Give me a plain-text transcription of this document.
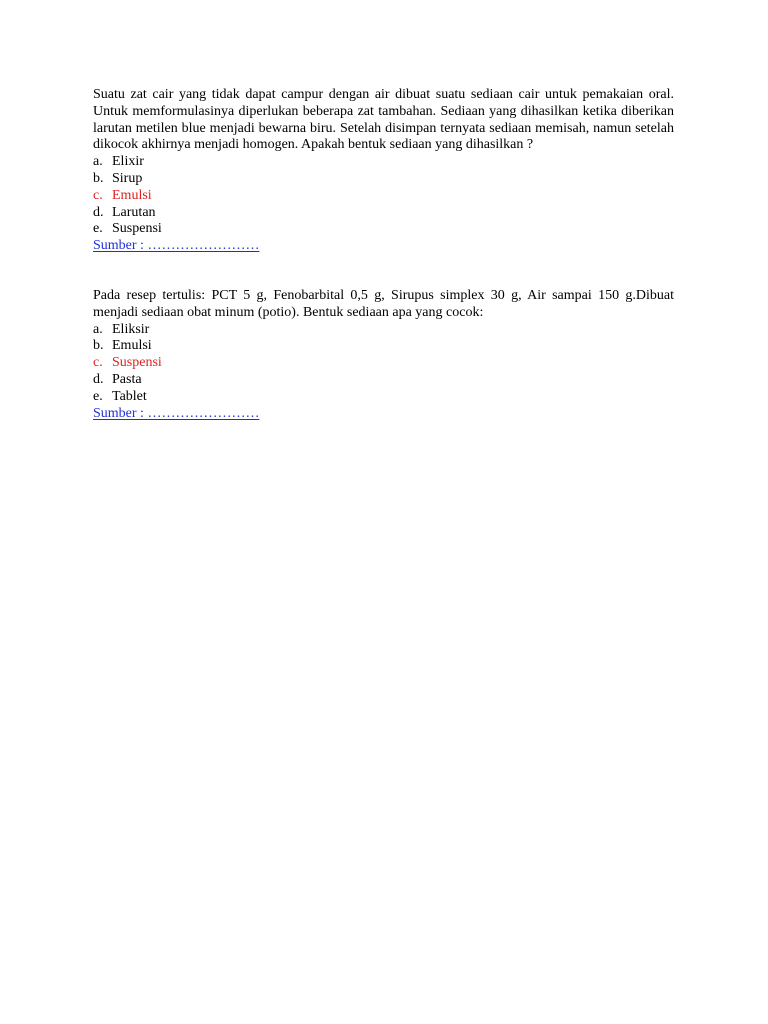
Suatu zat cair yang tidak dapat campur dengan air dibuat suatu sediaan cair untuk pemakaian oral. Untuk memformulasinya diperlukan beberapa zat tambahan. Sediaan yang dihasilkan ketika diberikan larutan metilen blue menjadi bewarna biru. Setelah disimpan ternyata sediaan memisah, namun setelah dikocok akhirnya menjadi homogen. Apakah bentuk sediaan yang dihasilkan ?

a. Elixir
b. Sirup
c. Emulsi
d. Larutan
e. Suspensi
Sumber : ……………………

Pada resep tertulis: PCT 5 g, Fenobarbital 0,5 g, Sirupus simplex 30 g, Air sampai 150 g.Dibuat menjadi sediaan obat minum (potio). Bentuk sediaan apa yang cocok:

a. Eliksir
b. Emulsi
c. Suspensi
d. Pasta
e. Tablet
Sumber : ……………………
